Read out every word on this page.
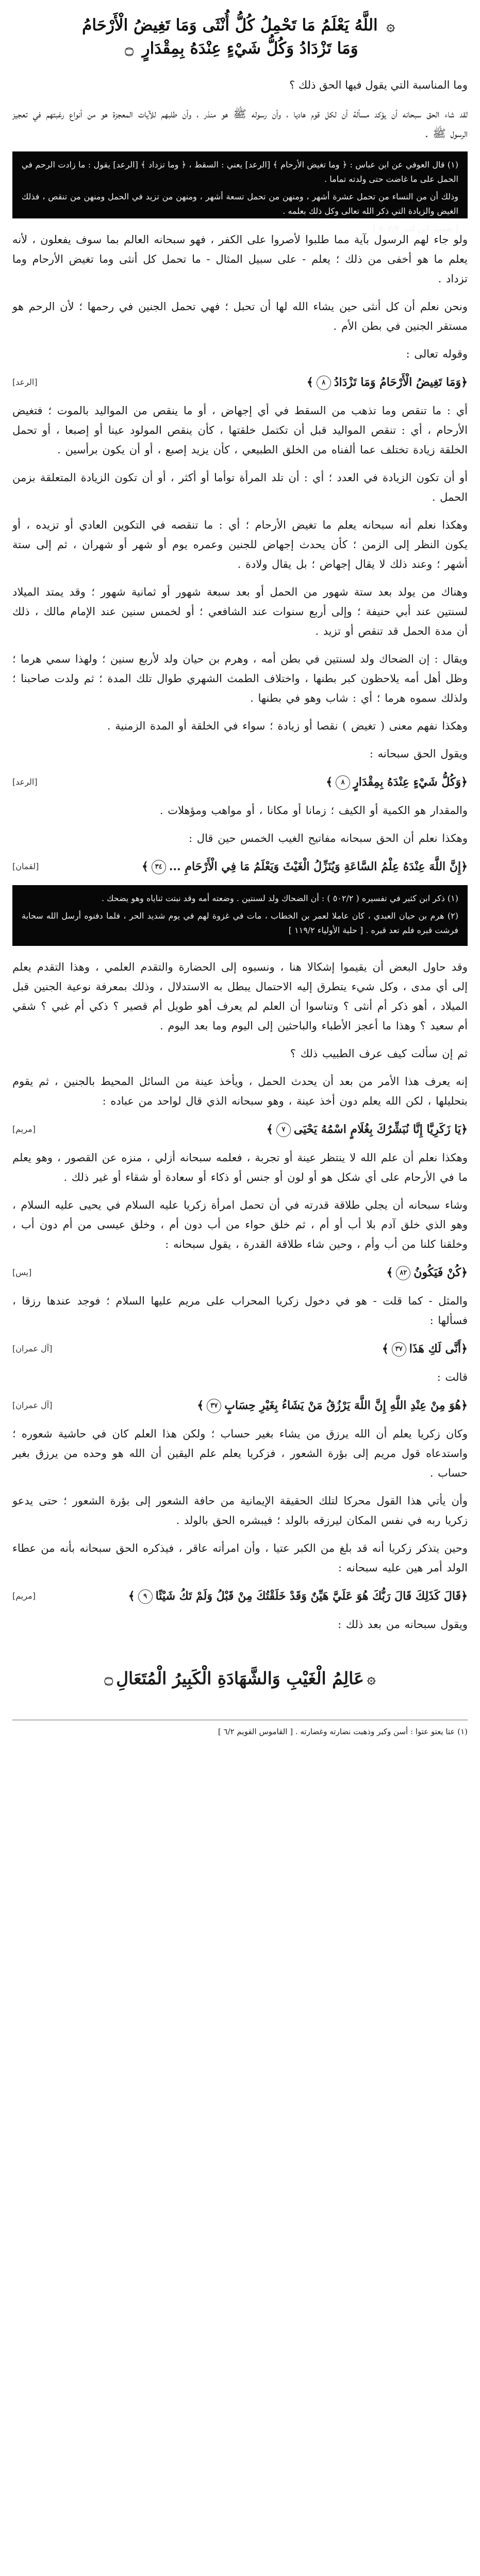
۞ اللَّهُ يَعْلَمُ مَا تَحْمِلُ كُلُّ أُنْثَى وَمَا تَغِيضُ الْأَرْحَامُ
وَمَا تَزْدَادُ وَكُلُّ شَيْءٍ عِنْدَهُ بِمِقْدَارٍ ۝
وما المناسبة التي يقول فيها الحق ذلك ؟

لقد شاء الحق سبحانه أن يؤكد مسألة أن لكل قوم هاديا ، وأن رسوله ﷺ هو منذر ، وأن طلبهم للآيات المعجزة هو من أنواع رغبتهم في تعجيز الرسول ﷺ .

(١) قال العوفي عن ابن عباس : ﴿ وما تغيض الأرحام ﴾ [الرعد] يعني : السقط ، ﴿ وما تزداد ﴾ [الرعد] يقول : ما زادت الرحم في الحمل على ما غاضت حتى ولدته تماما .

وذلك أن من النساء من تحمل عشرة أشهر ، ومنهن من تحمل تسعة أشهر ، ومنهن من تزيد في الحمل ومنهن من تنقص ، فذلك الغيض والزيادة التي ذكر الله تعالى وكل ذلك بعلمه .

[ تفسير ابن كثير ٥٠٢/٢ ]

ولو جاء لهم الرسول بآية مما طلبوا لأصروا على الكفر ، فهو سبحانه العالم بما سوف يفعلون ، لأنه يعلم ما هو أخفى من ذلك ؛ يعلم - على سبيل المثال - ما تحمل كل أنثى وما تغيض الأرحام وما تزداد .

ونحن نعلم أن كل أنثى حين يشاء الله لها أن تحبل ؛ فهي تحمل الجنين في رحمها ؛ لأن الرحم هو مستقر الجنين في بطن الأم .

وقوله تعالى :

﴿وَمَا تَغِيضُ الْأَرْحَامُ وَمَا تَزْدَادُ٨﴾
[الرعد]

أي : ما تنقص وما تذهب من السقط في أي إجهاض ، أو ما ينقص من المواليد بالموت ؛ فتغيض الأرحام ، أي : تنقص المواليد قبل أن تكتمل خلقتها ، كأن ينقص المولود عينا أو إصبعا ، أو تحمل الخلقة زيادة تختلف عما ألفناه من الخلق الطبيعي ، كأن يزيد إصبع ، أو أن يكون برأسين .

أو أن تكون الزيادة في العدد ؛ أي : أن تلد المرأة توأما أو أكثر ، أو أن تكون الزيادة المتعلقة بزمن الحمل .

وهكذا نعلم أنه سبحانه يعلم ما تغيض الأرحام ؛ أي : ما تنقصه في التكوين العادي أو تزيده ، أو يكون النظر إلى الزمن ؛ كأن يحدث إجهاض للجنين وعمره يوم أو شهر أو شهران ، ثم إلى ستة أشهر ؛ وعند ذلك لا يقال إجهاض ؛ بل يقال ولادة .

وهناك من يولد بعد ستة شهور من الحمل أو بعد سبعة شهور أو ثمانية شهور ؛ وقد يمتد الميلاد لسنتين عند أبي حنيفة ؛ وإلى أربع سنوات عند الشافعي ؛ أو لخمس سنين عند الإمام مالك ، ذلك أن مدة الحمل قد تنقص أو تزيد .

ويقال : إن الضحاك ولد لسنتين في بطن أمه ، وهرم بن حيان ولد لأربع سنين ؛ ولهذا سمي هرما ؛ وظل أهل أمه يلاحظون كبر بطنها ، واختلاف الطمث الشهري طوال تلك المدة ؛ ثم ولدت صاحبنا ؛ ولذلك سموه هرما ؛ أي : شاب وهو في بطنها .

وهكذا نفهم معنى ( تغيض ) نقصا أو زيادة ؛ سواء في الخلقة أو المدة الزمنية .

ويقول الحق سبحانه :

﴿وَكُلُّ شَيْءٍ عِنْدَهُ بِمِقْدَارٍ٨﴾
[الرعد]

والمقدار هو الكمية أو الكيف ؛ زمانا أو مكانا ، أو مواهب ومؤهلات .

وهكذا نعلم أن الحق سبحانه مفاتيح الغيب الخمس حين قال :

﴿إِنَّ اللَّهَ عِنْدَهُ عِلْمُ السَّاعَةِ وَيُنَزِّلُ الْغَيْثَ وَيَعْلَمُ مَا فِي الْأَرْحَامِ ...٣٤﴾
[لقمان]

(١) ذكر ابن كثير في تفسيره ( ٥٠٢/٢ ) : أن الضحاك ولد لسنتين . وضعته أمه وقد نبتت ثناياه وهو يضحك .

(٢) هرم بن حيان العبدي ، كان عاملا لعمر بن الخطاب ، مات في غزوة لهم في يوم شديد الحر ، فلما دفنوه أرسل الله سحابة فرشت قبره فلم تعد قبره . [ حلية الأولياء ١١٩/٢ ]

وقد حاول البعض أن يقيموا إشكالا هنا ، ونسبوه إلى الحضارة والتقدم العلمي ، وهذا التقدم يعلم إلى أي مدى ، وكل شيء يتطرق إليه الاحتمال يبطل به الاستدلال ، وذلك بمعرفة نوعية الجنين قبل الميلاد ، أهو ذكر أم أنثى ؟ وتناسوا أن العلم لم يعرف أهو طويل أم قصير ؟ ذكي أم غبي ؟ شقي أم سعيد ؟ وهذا ما أعجز الأطباء والباحثين إلى اليوم وما بعد اليوم .

ثم إن سألت كيف عرف الطبيب ذلك ؟

إنه يعرف هذا الأمر من بعد أن يحدث الحمل ، ويأخذ عينة من السائل المحيط بالجنين ، ثم يقوم بتحليلها ، لكن الله يعلم دون أخذ عينة ، وهو سبحانه الذي قال لواحد من عباده :

﴿يَا زَكَرِيَّا إِنَّا نُبَشِّرُكَ بِغُلَامٍ اسْمُهُ يَحْيَى٧﴾
[مريم]

وهكذا نعلم أن علم الله لا ينتظر عينة أو تجربة ، فعلمه سبحانه أزلي ، منزه عن القصور ، وهو يعلم ما في الأرحام على أي شكل هو أو لون أو جنس أو ذكاء أو سعادة أو شقاء أو غير ذلك .

وشاء سبحانه أن يجلي طلاقة قدرته في أن تحمل امرأة زكريا عليه السلام في يحيى عليه السلام ، وهو الذي خلق آدم بلا أب أو أم ، ثم خلق حواء من أب دون أم ، وخلق عيسى من أم دون أب ، وخلقنا كلنا من أب وأم ، وحين شاء طلاقة القدرة ، يقول سبحانه :

﴿كُنْ فَيَكُونُ٨٢﴾
[يس]

والمثل - كما قلت - هو في دخول زكريا المحراب على مريم عليها السلام ؛ فوجد عندها رزقا ، فسألها :

﴿أَنَّى لَكِ هَذَا٣٧﴾
[آل عمران]

قالت :

﴿هُوَ مِنْ عِنْدِ اللَّهِ إِنَّ اللَّهَ يَرْزُقُ مَنْ يَشَاءُ بِغَيْرِ حِسَابٍ٣٧﴾
[آل عمران]

وكان زكريا يعلم أن الله يرزق من يشاء بغير حساب ؛ ولكن هذا العلم كان في حاشية شعوره ؛ واستدعاه قول مريم إلى بؤرة الشعور ، فزكريا يعلم علم اليقين أن الله هو وحده من يرزق بغير حساب .

وأن يأتي هذا القول محركا لتلك الحقيقة الإيمانية من حافة الشعور إلى بؤرة الشعور ؛ حتى يدعو زكريا ربه في نفس المكان ليرزقه بالولد ؛ فيبشره الحق بالولد .

وحين يتذكر زكريا أنه قد بلغ من الكبر عتيا ، وأن امرأته عاقر ، فيذكره الحق سبحانه بأنه من عطاء الولد أمر هين عليه سبحانه :

﴿قَالَ كَذَلِكَ قَالَ رَبُّكَ هُوَ عَلَيَّ هَيِّنٌ وَقَدْ خَلَقْتُكَ مِنْ قَبْلُ وَلَمْ تَكُ شَيْئًا٩﴾
[مريم]

ويقول سبحانه من بعد ذلك :

۞
عَالِمُ الْغَيْبِ وَالشَّهَادَةِ الْكَبِيرُ الْمُتَعَالِ
۝
(١) عتا يعتو عتوا : أسن وكبر وذهبت نضارته وغضارته . [ القاموس القويم ٦/٢ ]
